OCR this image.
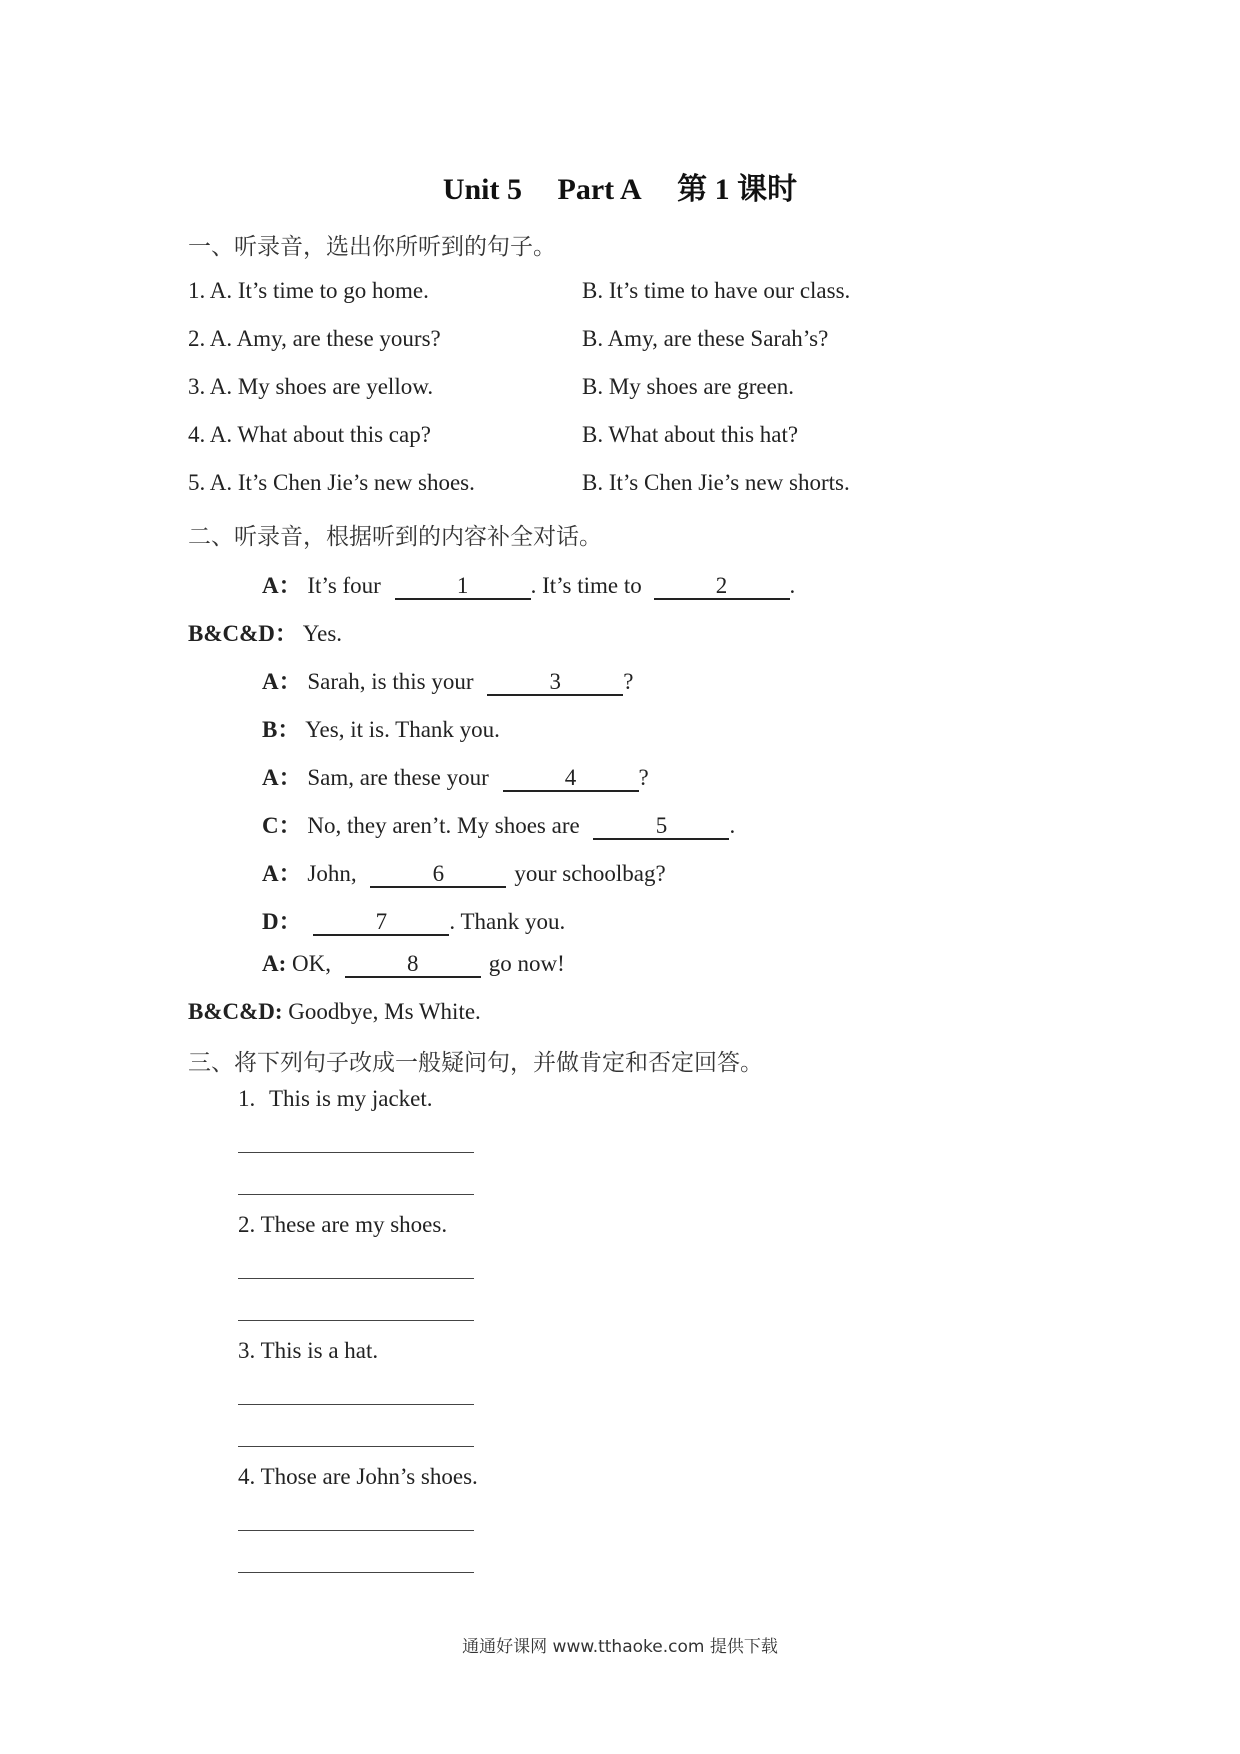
Unit 5 Part A 第 1 课时
一、听录音，选出你所听到的句子。
1. A. It’s time to go home.	B. It’s time to have our class.
2. A. Amy, are these yours?	B. Amy, are these Sarah’s?
3. A. My shoes are yellow.	B. My shoes are green.
4. A. What about this cap?	B. What about this hat?
5. A. It’s Chen Jie’s new shoes.	B. It’s Chen Jie’s new shorts.
二、听录音，根据听到的内容补全对话。
A： It’s four	1	. It’s time to	2	.
B&C&D： Yes.
A： Sarah, is this your	3	?
B： Yes, it is. Thank you.
A： Sam, are these your	4	?
C： No, they aren’t. My shoes are	5	.
A： John,	6	your schoolbag?
D：	7	. Thank you.
A: OK,	8	go now!
B&C&D: Goodbye, Ms White.
三、将下列句子改成一般疑问句，并做肯定和否定回答。
1. This is my jacket.
2. These are my shoes.
3. This is a hat.
4. Those are John’s shoes.
通通好课网 www.tthaoke.com 提供下载
